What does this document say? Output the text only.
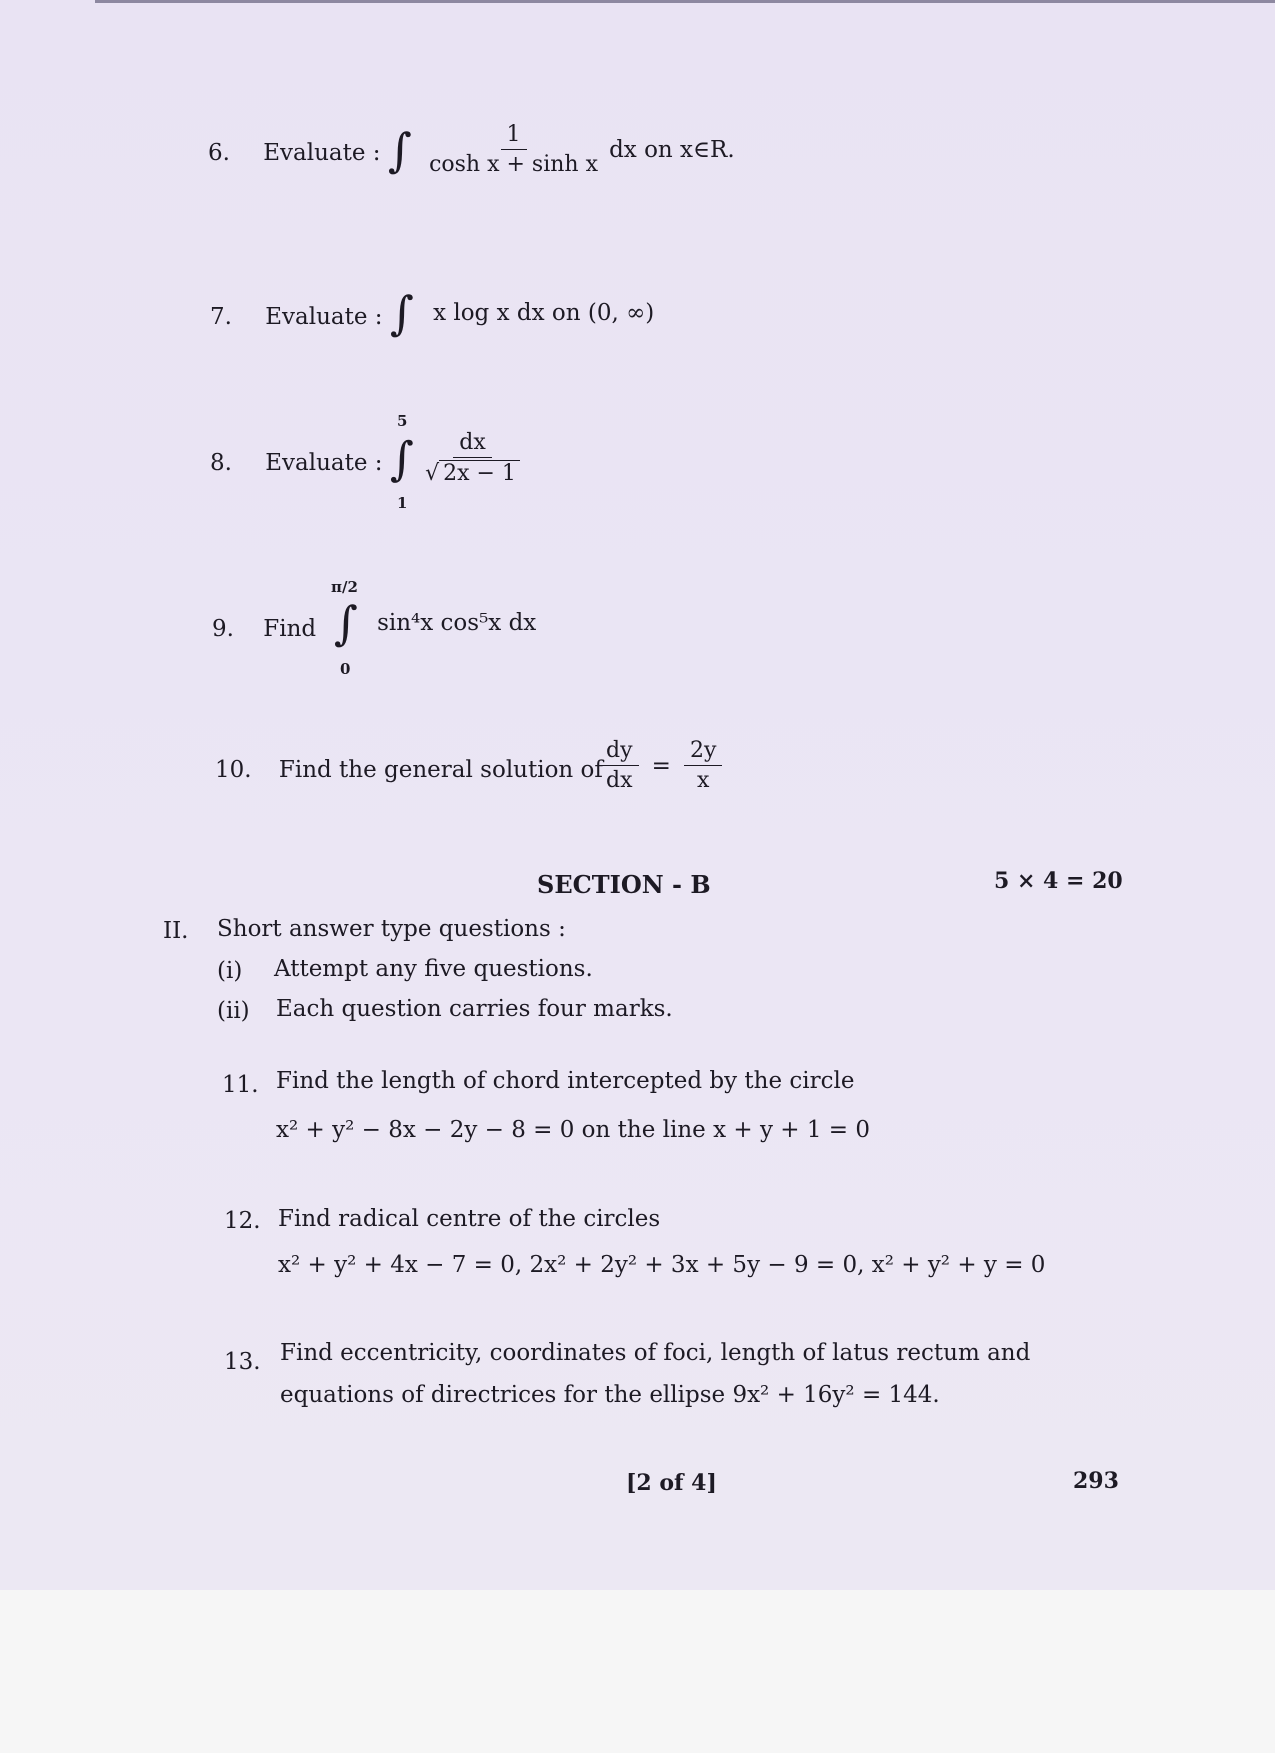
6. Evaluate : ∫ $\frac{1}{\text{cosh x + sinh x}}$ dx on x∈R.
7. Evaluate : ∫ x log x dx on (0, ∞)
8. Evaluate :
5
∫ $\frac{dx}{√ 2x - 1}$
1
π/2
9. Find ∫ sin⁴x cos⁵x dx
0
10. Find the general solution of
$\frac{dy}{dx} = \frac{2y}{x}$
SECTION - B	5 × 4 = 20
II. Short answer type questions :
(i) Attempt any five questions.
(ii) Each question carries four marks.
11. Find the length of chord intercepted by the circle
x² + y² − 8x − 2y − 8 = 0 on the line x + y + 1 = 0
12. Find radical centre of the circles
x² + y² + 4x − 7 = 0, 2x² + 2y² + 3x + 5y − 9 = 0, x² + y² + y = 0
13. Find eccentricity, coordinates of foci, length of latus rectum and
equations of directrices for the ellipse 9x² + 16y² = 144.
[2 of 4]	293
